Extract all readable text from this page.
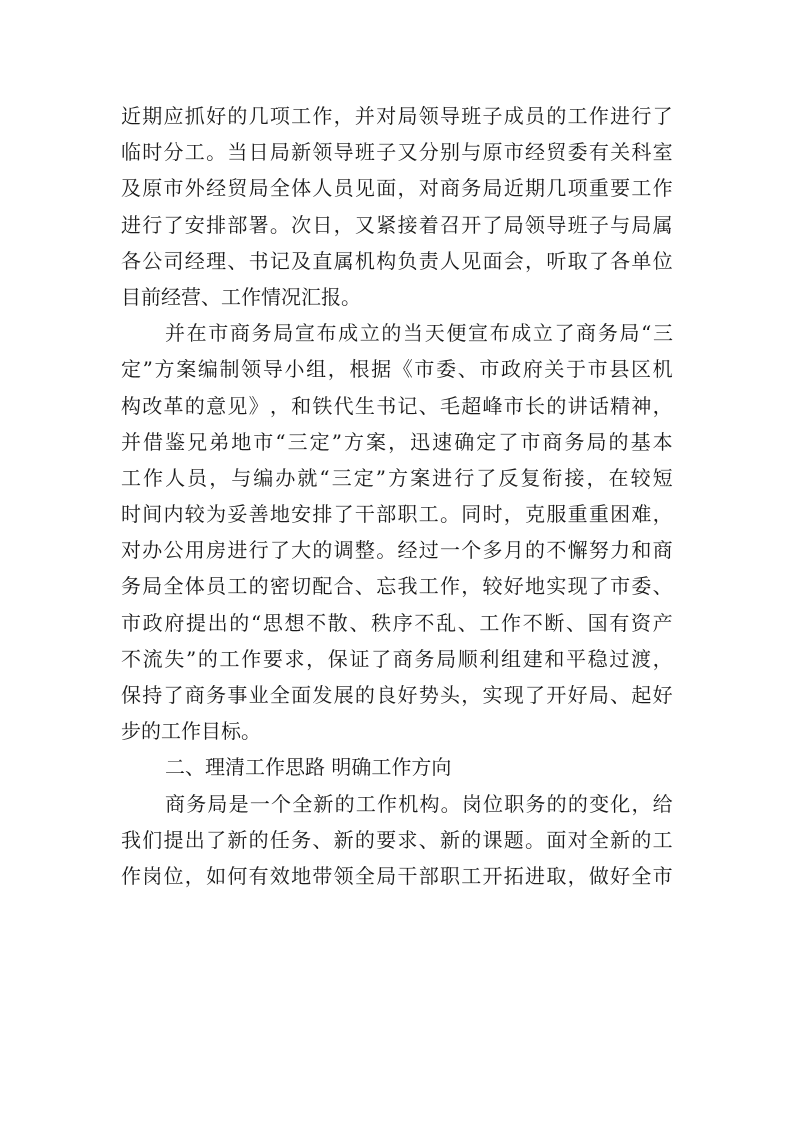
近 期 应 抓 好 的 几 项 工 作 ， 并 对 局 领 导 班 子 成 员 的 工 作 进 行 了
临 时 分 工 。 当 日 局 新 领 导 班 子 又 分 别 与 原 市 经 贸 委 有 关 科 室
及 原 市 外 经 贸 局 全 体 人 员 见 面 ， 对 商 务 局 近 期 几 项 重 要 工 作
进 行 了 安 排 部 署 。 次 日 ， 又 紧 接 着 召 开 了 局 领 导 班 子 与 局 属
各 公 司 经 理 、 书 记 及 直 属 机 构 负 责 人 见 面 会 ， 听 取 了 各 单 位
目前经营、工作情况汇报。
并 在 市 商 务 局 宣 布 成 立 的 当 天 便 宣 布 成 立 了 商 务 局 “ 三
定 ” 方 案 编 制 领 导 小 组 ， 根 据 《 市 委 、 市 政 府 关 于 市 县 区 机
构 改 革 的 意 见 》 ， 和 铁 代 生 书 记 、 毛 超 峰 市 长 的 讲 话 精 神 ，
并 借 鉴 兄 弟 地 市 “ 三 定 ” 方 案 ， 迅 速 确 定 了 市 商 务 局 的 基 本
工 作 人 员 ， 与 编 办 就 “ 三 定 ” 方 案 进 行 了 反 复 衔 接 ， 在 较 短
时 间 内 较 为 妥 善 地 安 排 了 干 部 职 工 。 同 时 ， 克 服 重 重 困 难 ，
对 办 公 用 房 进 行 了 大 的 调 整 。 经 过 一 个 多 月 的 不 懈 努 力 和 商
务 局 全 体 员 工 的 密 切 配 合 、 忘 我 工 作 ， 较 好 地 实 现 了 市 委 、
市 政 府 提 出 的 “ 思 想 不 散 、 秩 序 不 乱 、 工 作 不 断 、 国 有 资 产
不 流 失 ” 的 工 作 要 求 ， 保 证 了 商 务 局 顺 利 组 建 和 平 稳 过 渡 ，
保 持 了 商 务 事 业 全 面 发 展 的 良 好 势 头 ， 实 现 了 开 好 局 、 起 好
步的工作目标。
二、理清工作思路 明确工作方向
商 务 局 是 一 个 全 新 的 工 作 机 构 。 岗 位 职 务 的 的 变 化 ， 给
我 们 提 出 了 新 的 任 务 、 新 的 要 求 、 新 的 课 题 。 面 对 全 新 的 工
作 岗 位 ， 如 何 有 效 地 带 领 全 局 干 部 职 工 开 拓 进 取 ， 做 好 全 市
